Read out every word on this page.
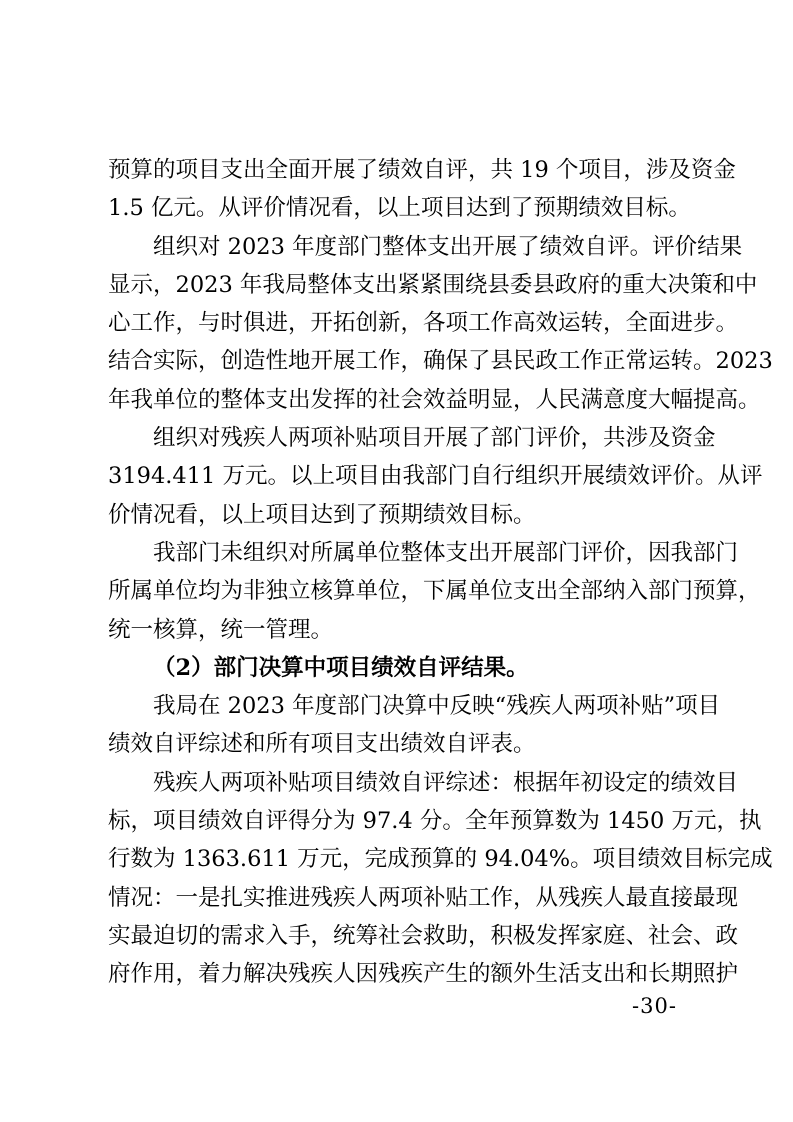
预算的项目支出全面开展了绩效自评，共 19 个项目，涉及资金
1.5 亿元。从评价情况看，以上项目达到了预期绩效目标。
组织对 2023 年度部门整体支出开展了绩效自评。评价结果
显示，2023 年我局整体支出紧紧围绕县委县政府的重大决策和中
心工作，与时俱进，开拓创新，各项工作高效运转，全面进步。
结合实际，创造性地开展工作，确保了县民政工作正常运转。2023
年我单位的整体支出发挥的社会效益明显，人民满意度大幅提高。
组织对残疾人两项补贴项目开展了部门评价，共涉及资金
3194.411 万元。以上项目由我部门自行组织开展绩效评价。从评
价情况看，以上项目达到了预期绩效目标。
我部门未组织对所属单位整体支出开展部门评价，因我部门
所属单位均为非独立核算单位，下属单位支出全部纳入部门预算，
统一核算，统一管理。
（2）部门决算中项目绩效自评结果。
我局在 2023 年度部门决算中反映“残疾人两项补贴”项目
绩效自评综述和所有项目支出绩效自评表。
残疾人两项补贴项目绩效自评综述：根据年初设定的绩效目
标，项目绩效自评得分为 97.4 分。全年预算数为 1450 万元，执
行数为 1363.611 万元，完成预算的 94.04%。项目绩效目标完成
情况：一是扎实推进残疾人两项补贴工作，从残疾人最直接最现
实最迫切的需求入手，统筹社会救助，积极发挥家庭、社会、政
府作用，着力解决残疾人因残疾产生的额外生活支出和长期照护
-30-
